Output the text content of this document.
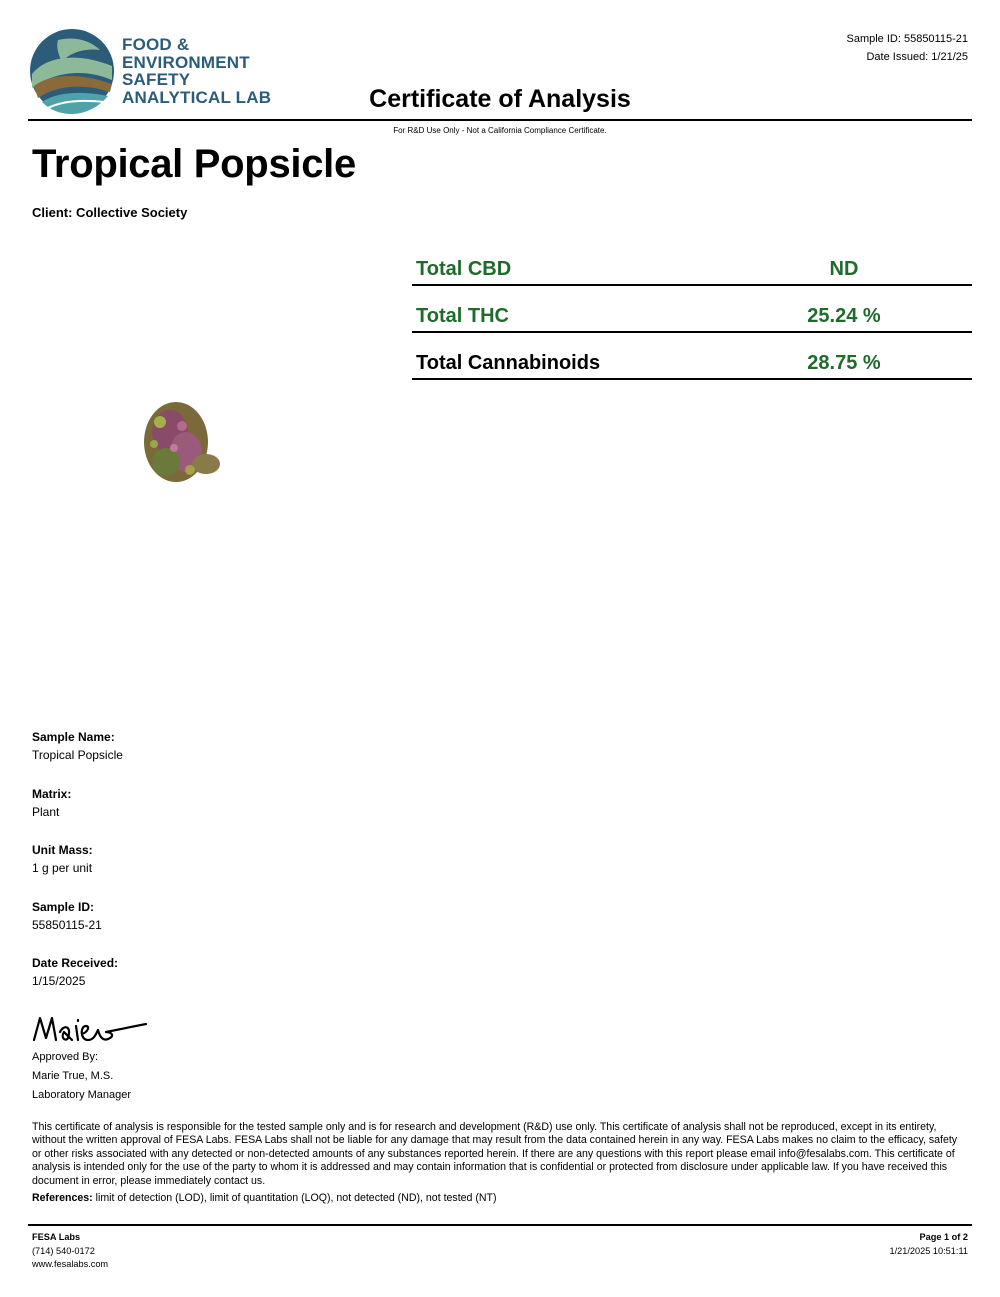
FOOD &
ENVIRONMENT
SAFETY
ANALYTICAL LAB
Sample ID: 55850115-21
Date Issued: 1/21/25
Certificate of Analysis
For R&D Use Only - Not a California Compliance Certificate.
Tropical Popsicle
Client: Collective Society
Total CBD	ND
Total THC	25.24 %
Total Cannabinoids	28.75 %
Sample Name:
Tropical Popsicle
Matrix:
Plant
Unit Mass:
1 g per unit
Sample ID:
55850115-21
Date Received:
1/15/2025
Approved By:
Marie True, M.S.
Laboratory Manager
This certificate of analysis is responsible for the tested sample only and is for research and development (R&D) use only. This certificate of analysis shall not be reproduced, except in its entirety, without the written approval of FESA Labs. FESA Labs shall not be liable for any damage that may result from the data contained herein in any way. FESA Labs makes no claim to the efficacy, safety or other risks associated with any detected or non-detected amounts of any substances reported herein. If there are any questions with this report please email info@fesalabs.com. This certificate of analysis is intended only for the use of the party to whom it is addressed and may contain information that is confidential or protected from disclosure under applicable law. If you have received this document in error, please immediately contact us.
References: limit of detection (LOD), limit of quantitation (LOQ), not detected (ND), not tested (NT)
FESA Labs
(714) 540-0172
www.fesalabs.com
Page 1 of 2
1/21/2025 10:51:11
